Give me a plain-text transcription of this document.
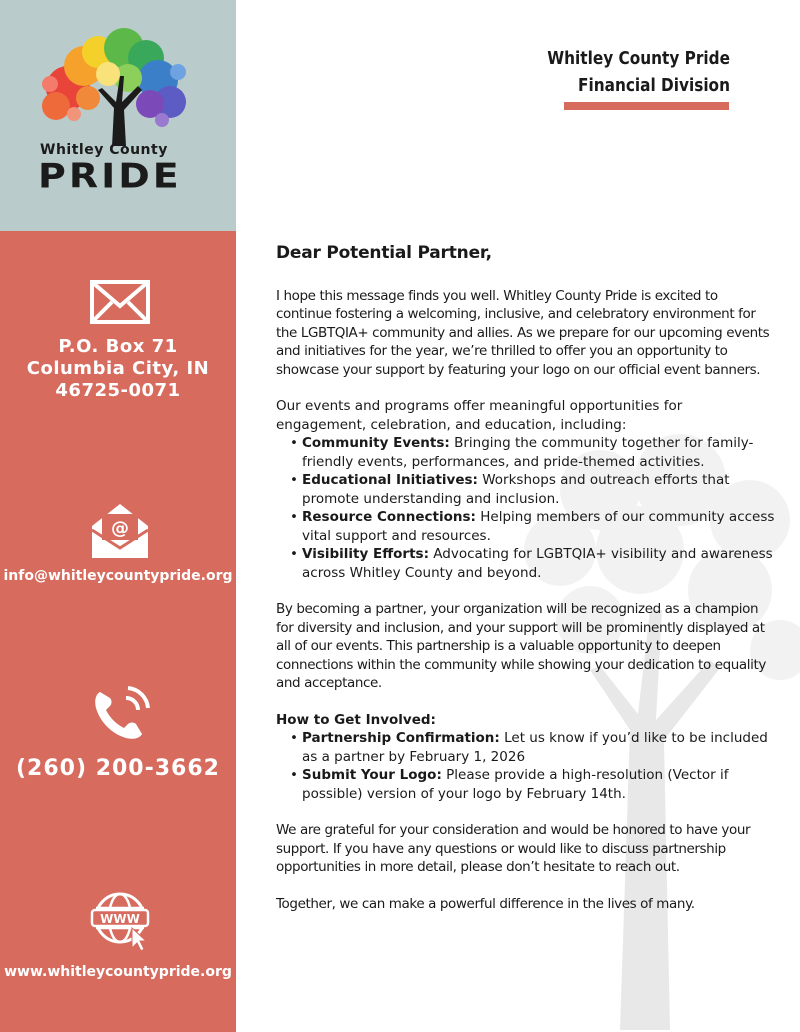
Whitley County
PRIDE
P.O. Box 71
Columbia City, IN
46725-0071
@
info@whitleycountypride.org
(260) 200-3662
WWW
www.whitleycountypride.org
Whitley County Pride
Financial Division
Dear Potential Partner,

I hope this message finds you well. Whitley County Pride is excited to continue fostering a welcoming, inclusive, and celebratory environment for the LGBTQIA+ community and allies. As we prepare for our upcoming events and initiatives for the year, we’re thrilled to offer you an opportunity to showcase your support by featuring your logo on our official event banners.

Our events and programs offer meaningful opportunities for engagement, celebration, and education, including:
• Community Events: Bringing the community together for family-friendly events, performances, and pride-themed activities.
• Educational Initiatives: Workshops and outreach efforts that promote understanding and inclusion.
• Resource Connections: Helping members of our community access vital support and resources.
• Visibility Efforts: Advocating for LGBTQIA+ visibility and awareness across Whitley County and beyond.

By becoming a partner, your organization will be recognized as a champion for diversity and inclusion, and your support will be prominently displayed at all of our events. This partnership is a valuable opportunity to deepen connections within the community while showing your dedication to equality and acceptance.

How to Get Involved:
• Partnership Confirmation: Let us know if you’d like to be included as a partner by February 1, 2026
• Submit Your Logo: Please provide a high-resolution (Vector if possible) version of your logo by February 14th.

We are grateful for your consideration and would be honored to have your support. If you have any questions or would like to discuss partnership opportunities in more detail, please don’t hesitate to reach out.

Together, we can make a powerful difference in the lives of many.
